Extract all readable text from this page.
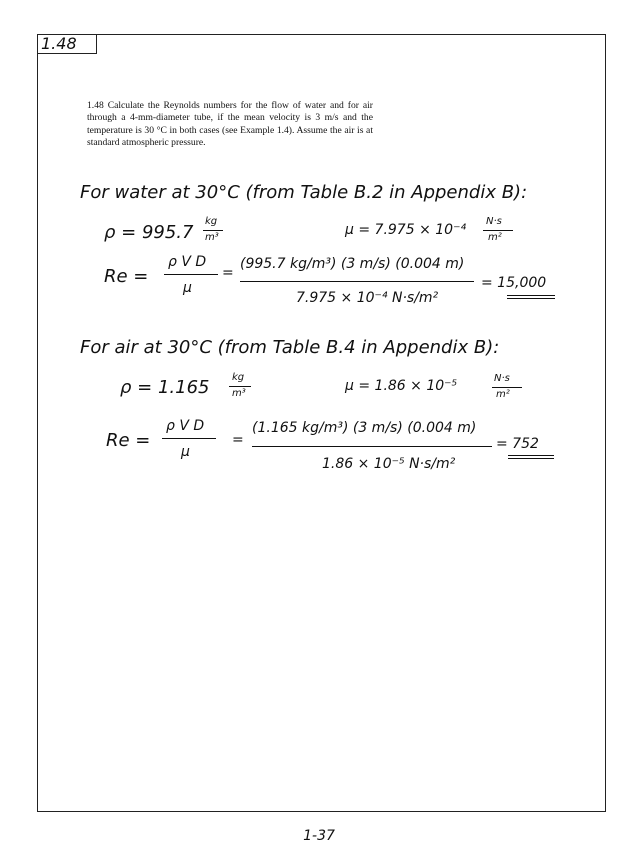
1.48
1.48 Calculate the Reynolds numbers for the flow of water and for air through a 4-mm-diameter tube, if the mean velocity is 3 m/s and the temperature is 30 °C in both cases (see Example 1.4). Assume the air is at standard atmospheric pressure.
For water at 30°C (from Table B.2 in Appendix B):
ρ = 995.7
kg
m³	μ = 7.975 × 10⁻⁴
N·s
m²
Re =
ρ V D
μ
=
(995.7 kg/m³) (3 m/s) (0.004 m)
7.975 × 10⁻⁴ N·s/m²
= 15,000
For air at 30°C (from Table B.4 in Appendix B):
ρ = 1.165 kg
m³	μ = 1.86 × 10⁻⁵	N·s
m²
Re =
ρ V D
μ
=
(1.165 kg/m³) (3 m/s) (0.004 m)
1.86 × 10⁻⁵ N·s/m²
= 752
1-37
